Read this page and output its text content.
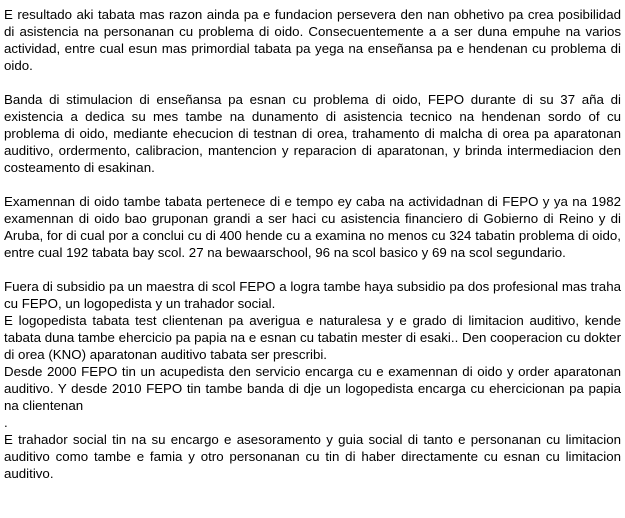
E resultado aki tabata mas razon ainda pa e fundacion persevera den nan obhetivo pa crea posibilidad di asistencia na personanan cu problema di oido. Consecuentemente a a ser duna empuhe na varios actividad, entre cual esun mas primordial tabata pa yega na enseñansa pa e hendenan cu problema di oido.

Banda di stimulacion di enseñansa pa esnan cu problema di oido, FEPO durante di su 37 aña di existencia a dedica su mes tambe na dunamento di asistencia tecnico na hendenan sordo of cu problema di oido, mediante ehecucion di testnan di orea, trahamento di malcha di orea pa aparatonan auditivo, ordermento, calibracion, mantencion y reparacion di aparatonan, y brinda intermediacion den costeamento di esakinan.

Examennan di oido tambe tabata pertenece di e tempo ey caba na actividadnan di FEPO y ya na 1982 examennan di oido bao gruponan grandi a ser haci cu asistencia financiero di Gobierno di Reino y di Aruba, for di cual por a conclui cu di 400 hende cu a examina no menos cu 324 tabatin problema di oido, entre cual 192 tabata bay scol. 27 na bewaarschool, 96 na scol basico y 69 na scol segundario.

Fuera di subsidio pa un maestra di scol FEPO a logra tambe haya subsidio pa dos profesional mas traha cu FEPO, un logopedista y un trahador social.

E logopedista tabata test clientenan pa averigua e naturalesa y e grado di limitacion auditivo, kende tabata duna tambe ehercicio pa papia na e esnan cu tabatin mester di esaki.. Den cooperacion cu dokter di orea (KNO) aparatonan auditivo tabata ser prescribi.

Desde 2000 FEPO tin un acupedista den servicio encarga cu e examennan di oido y order aparatonan auditivo. Y desde 2010 FEPO tin tambe banda di dje un logopedista encarga cu ehercicionan pa papia na clientenan

.

E trahador social tin na su encargo e asesoramento y guia social di tanto e personanan cu limitacion auditivo como tambe e famia y otro personanan cu tin di haber directamente cu esnan cu limitacion auditivo.
